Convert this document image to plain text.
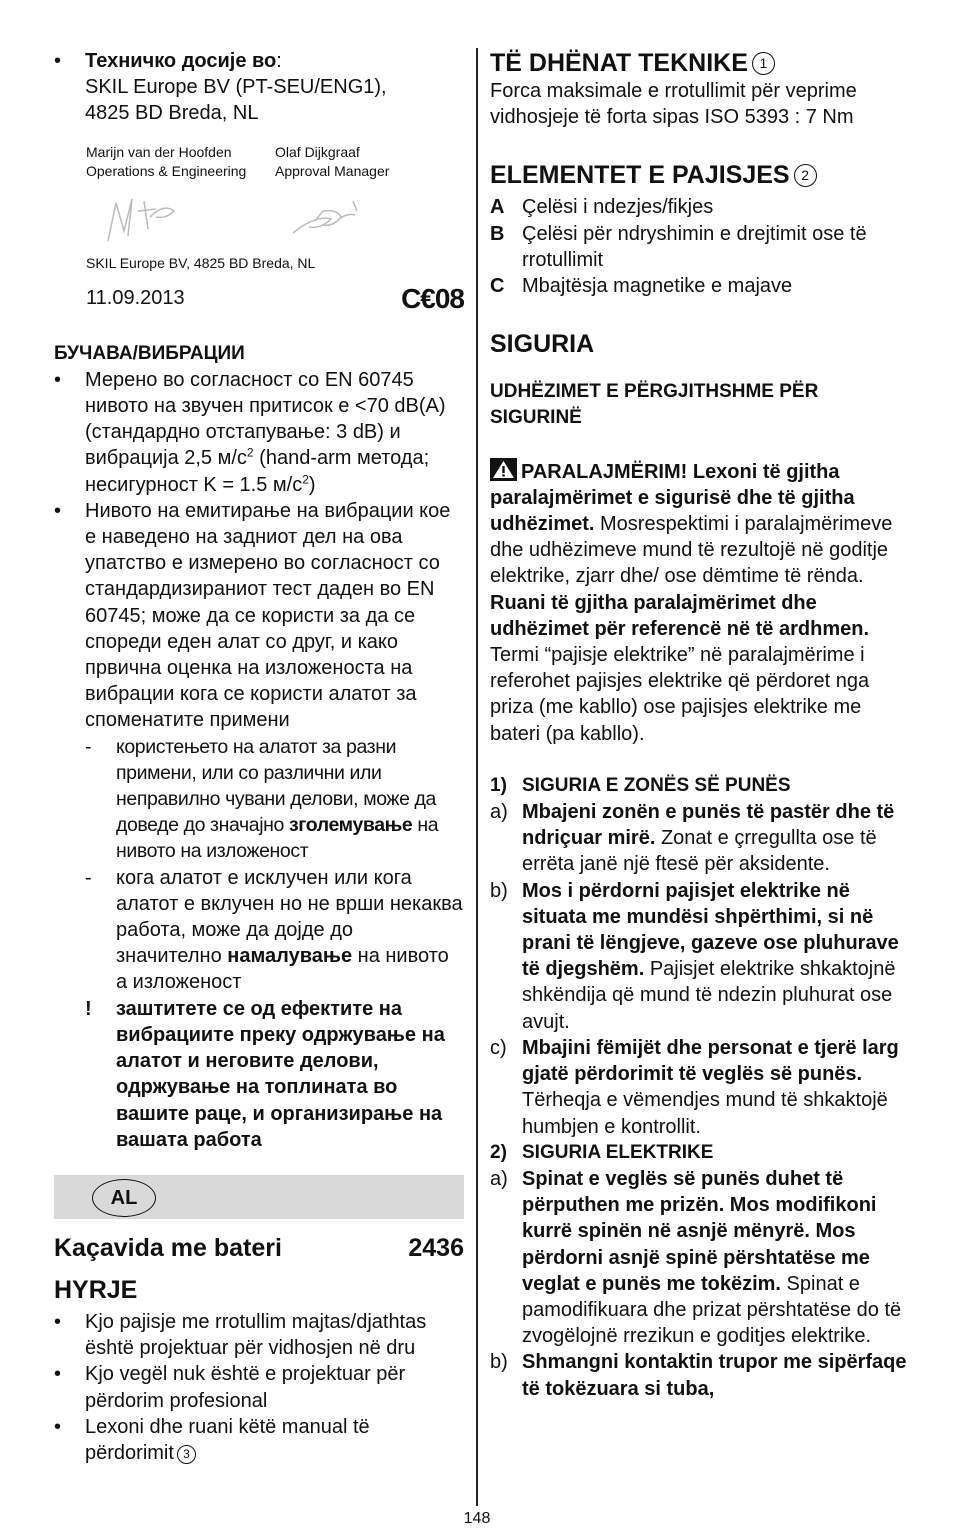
•	Техничко досије во:
SKIL Europe BV (PT-SEU/ENG1),
4825 BD Breda, NL
Marijn van der Hoofden
Operations & Engineering
Olaf Dijkgraaf
Approval Manager
SKIL Europe BV, 4825 BD Breda, NL
11.09.2013	C€08
БУЧАВА/ВИБРАЦИИ
•	Мерено во согласност со EN 60745 нивото на звучен притисок е <70 dB(A) (стандардно отстапување: 3 dB) и вибрација 2,5 $м/с^2$ (hand-arm метода; несигурност K = 1.5 $м/с^2$)
•	Нивото на емитирање на вибрации кое е наведено на задниот дел на ова упатство е измерено во согласност со стандардизираниот тест даден во EN 60745; може да се користи за да се спореди еден алат со друг, и како првична оценка на изложеноста на вибрации кога се користи алатот за споменатите примени
-	користењето на алатот за разни примени, или со различни или неправилно чувани делови, може да доведе до значајно зголемување на нивото на изложеност
-	кога алатот е исклучен или кога алатот е вклучен но не врши некаква работа, може да дојде до значително намалување на нивото а изложеност
!	заштитете се од ефектите на вибрациите преку одржување на алатот и неговите делови, одржување на топлината во вашите раце, и организирање на вашата работа
AL
Kaçavida me bateri	2436
HYRJE
•	Kjo pajisje me rrotullim majtas/djathtas është projektuar për vidhosjen në dru
•	Kjo vegël nuk është e projektuar për përdorim profesional
•	Lexoni dhe ruani këtë manual të përdorimit 3
TË DHËNAT TEKNIKE 1
Forca maksimale e rrotullimit për veprime vidhosjeje të forta sipas ISO 5393 : 7 Nm
ELEMENTET E PAJISJES 2
A Çelësi i ndezjes/fikjes
B Çelësi për ndryshimin e drejtimit ose të rrotullimit
C Mbajtësja magnetike e majave
SIGURIA
UDHËZIMET E PËRGJITHSHME PËR SIGURINË
PARALAJMËRIM! Lexoni të gjitha paralajmërimet e sigurisë dhe të gjitha udhëzimet. Mosrespektimi i paralajmërimeve dhe udhëzimeve mund të rezultojë në goditje elektrike, zjarr dhe/ ose dëmtime të rënda. Ruani të gjitha paralajmërimet dhe udhëzimet për referencë në të ardhmen. Termi “pajisje elektrike” në paralajmërime i referohet pajisjes elektrike që përdoret nga priza (me kabllo) ose pajisjes elektrike me bateri (pa kabllo).
1) SIGURIA E ZONËS SË PUNËS
a) Mbajeni zonën e punës të pastër dhe të ndriçuar mirë. Zonat e çrregullta ose të errëta janë një ftesë për aksidente.
b) Mos i përdorni pajisjet elektrike në situata me mundësi shpërthimi, si në prani të lëngjeve, gazeve ose pluhurave të djegshëm. Pajisjet elektrike shkaktojnë shkëndija që mund të ndezin pluhurat ose avujt.
c) Mbajini fëmijët dhe personat e tjerë larg gjatë përdorimit të veglës së punës. Tërheqja e vëmendjes mund të shkaktojë humbjen e kontrollit.
2) SIGURIA ELEKTRIKE
a) Spinat e veglës së punës duhet të përputhen me prizën. Mos modifikoni kurrë spinën në asnjë mënyrë. Mos përdorni asnjë spinë përshtatëse me veglat e punës me tokëzim. Spinat e pamodifikuara dhe prizat përshtatëse do të zvogëlojnë rrezikun e goditjes elektrike.
b) Shmangni kontaktin trupor me sipërfaqe të tokëzuara si tuba,
148
